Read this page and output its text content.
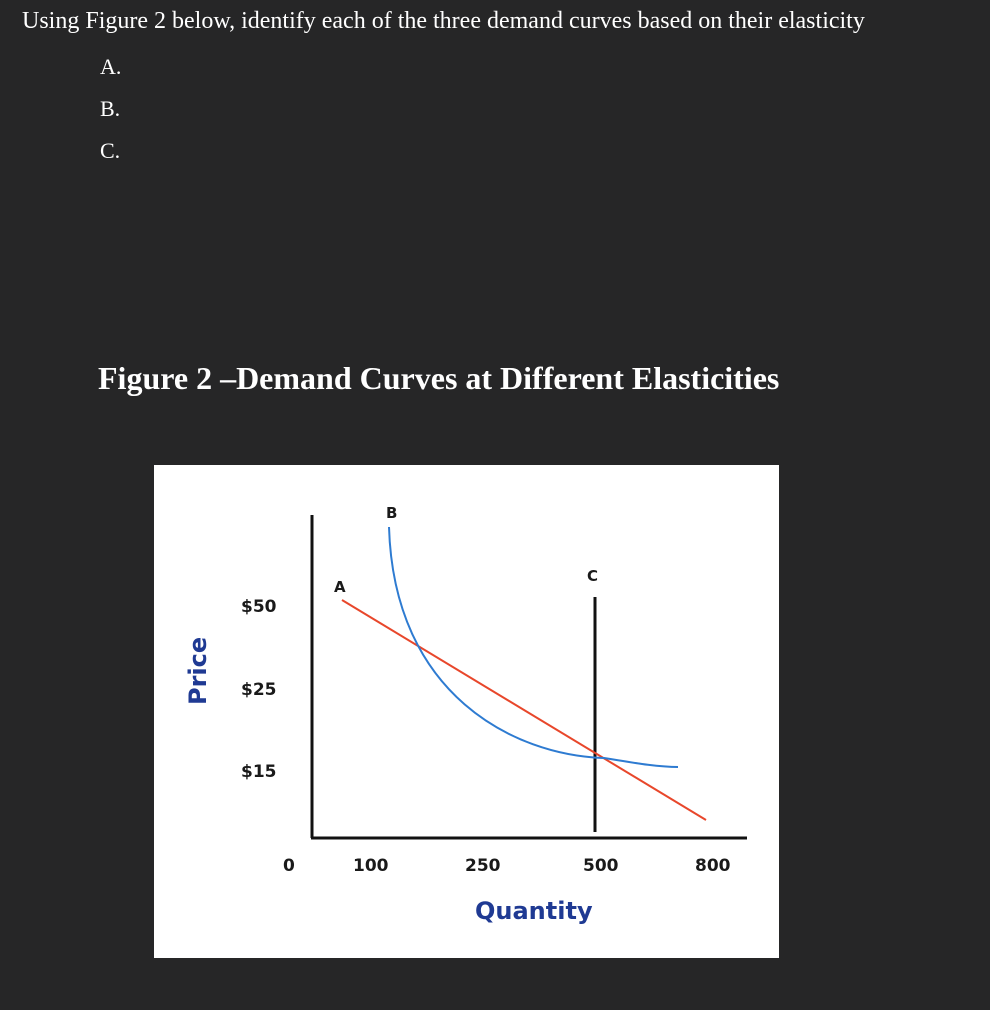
Using Figure 2 below, identify each of the three demand curves based on their elasticity
A.
B.
C.
Figure 2 –Demand Curves at Different Elasticities
A
B
C
$50
$25
$15
0	100	250	500	800
Quantity
Price
